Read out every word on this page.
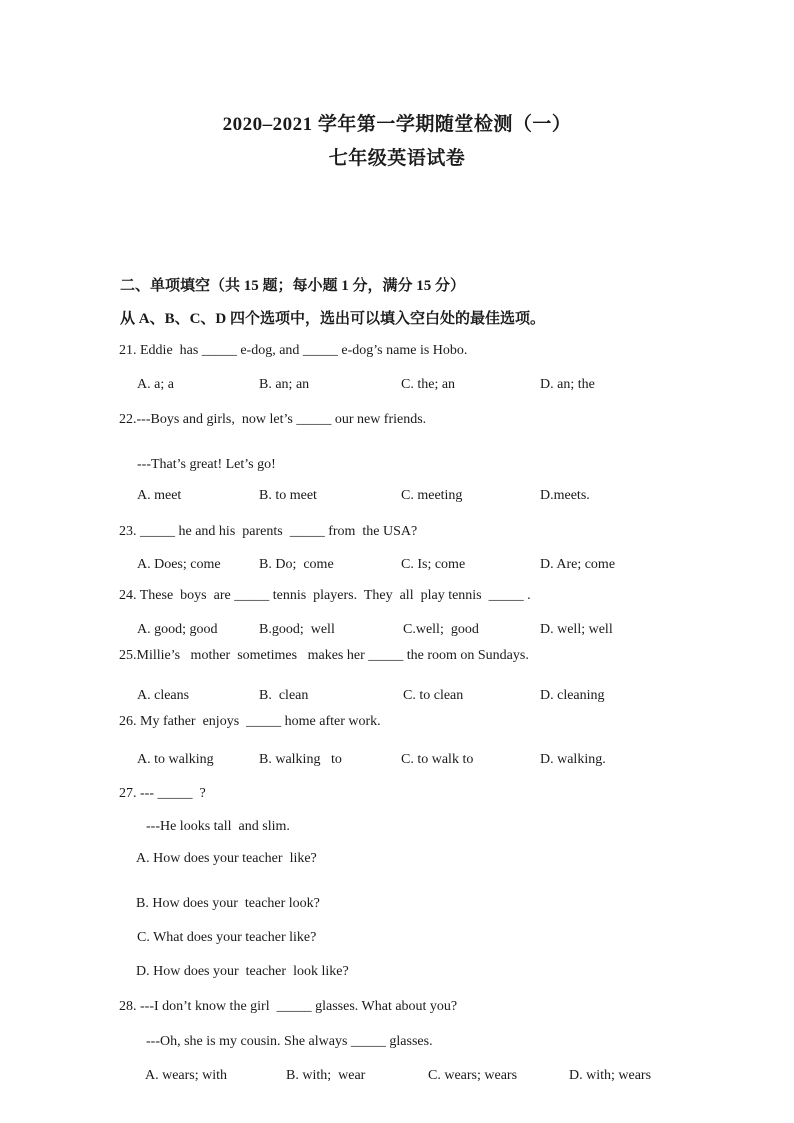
2020–2021 学年第一学期随堂检测（一）
七年级英语试卷
二、单项填空（共 15 题；每小题 1 分，满分 15 分）
从 A、B、C、D 四个选项中，选出可以填入空白处的最佳选项。
21. Eddie  has _____ e-dog, and _____ e-dog’s name is Hobo.
A. a; a	B. an; an	C. the; an	D. an; the
22.---Boys and girls,  now let’s _____ our new friends.
---That’s great! Let’s go!
A. meet	B. to meet	C. meeting	D.meets.
23. _____ he and his  parents  _____ from  the USA?
A. Does; come	B. Do;  come	C. Is; come	D. Are; come
24. These  boys  are _____ tennis  players.  They  all  play tennis  _____ .
A. good; good	B.good;  well	C.well;  good	D. well; well
25.Millie’s   mother  sometimes   makes her _____ the room on Sundays.
A. cleans	B.  clean	C. to clean	D. cleaning
26. My father  enjoys  _____ home after work.
A. to walking	B. walking   to	C. to walk to	D. walking.
27. --- _____  ?
---He looks tall  and slim.
A. How does your teacher  like?
B. How does your  teacher look?
C. What does your teacher like?
D. How does your  teacher  look like?
28. ---I don’t know the girl  _____ glasses. What about you?
---Oh, she is my cousin. She always _____ glasses.
A. wears; with	B. with;  wear	C. wears; wears	D. with; wears
